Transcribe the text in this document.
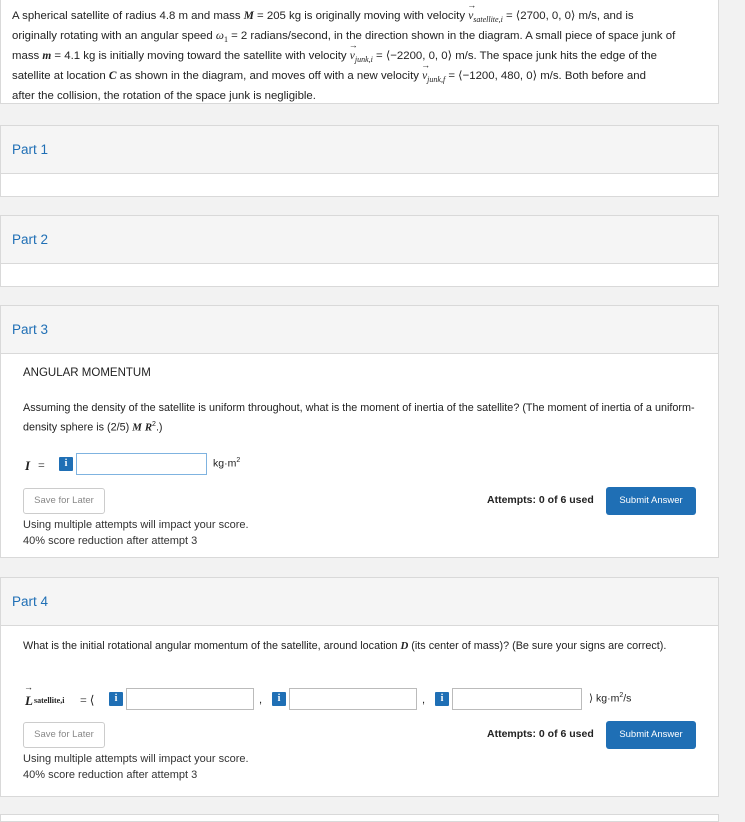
A spherical satellite of radius 4.8 m and mass M = 205 kg is originally moving with velocity → $v_{satellite,i}$ = ⟨2700, 0, 0⟩ m/s, and is
originally rotating with an angular speed $\omega_1 = 2$ radians/second, in the direction shown in the diagram. A small piece of space junk of
mass m = 4.1 kg is initially moving toward the satellite with velocity → $v_{junk,i}$ = ⟨−2200, 0, 0⟩ m/s. The space junk hits the edge of the
satellite at location C as shown in the diagram, and moves off with a new velocity → $v_{junk,f}$ = ⟨−1200, 480, 0⟩ m/s. Both before and
after the collision, the rotation of the space junk is negligible.
Part 1
Part 2
Part 3
ANGULAR MOMENTUM
Assuming the density of the satellite is uniform throughout, what is the moment of inertia of the satellite? (The moment of inertia of a uniform-density sphere is (2/5) M $R^2$.)
I =	i	$kg\cdot m^2$
Save for Later	Attempts: 0 of 6 used	Submit Answer
Using multiple attempts will impact your score.
40% score reduction after attempt 3
Part 4
What is the initial rotational angular momentum of the satellite, around location D (its center of mass)? (Be sure your signs are correct).
→ L satellite,i = ⟨	i	,	i	,	i	⟩ $kg\cdot m^2/s$
Save for Later	Attempts: 0 of 6 used	Submit Answer
Using multiple attempts will impact your score.
40% score reduction after attempt 3
